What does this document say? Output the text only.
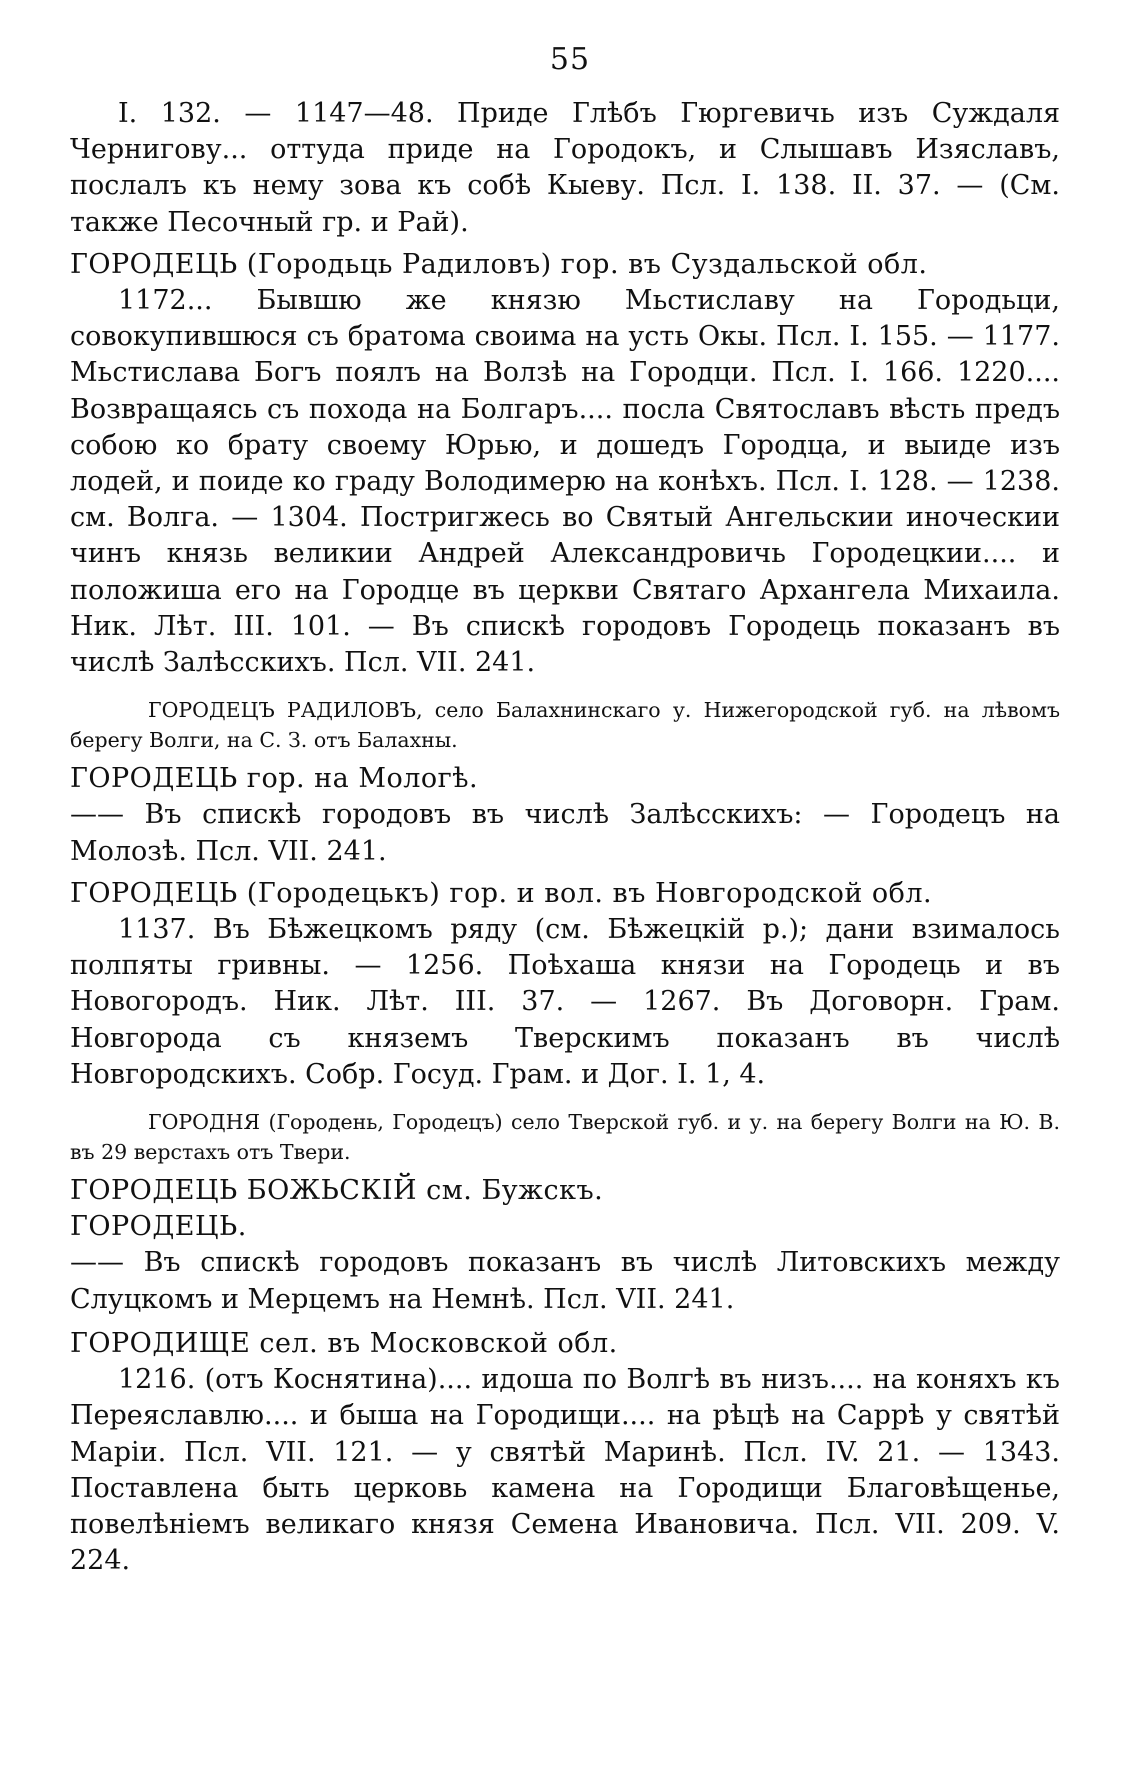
55

I. 132. — 1147—48. Приде Глѣбъ Гюргевичь изъ Суждаля Чернигову... оттуда приде на Городокъ, и Слышавъ Изяславъ, послалъ къ нему зова къ собѣ Кыеву. Псл. I. 138. II. 37. — (См. также Песочный гр. и Рай).

ГОРОДЕЦЬ (Городьць Радиловъ) гор. въ Суздальской обл.

1172... Бывшю же князю Мьстиславу на Городьци, совокупившюся съ братома своима на усть Окы. Псл. I. 155. — 1177. Мьстислава Богъ поялъ на Волзѣ на Городци. Псл. I. 166. 1220.... Возвращаясь съ похода на Болгаръ.... посла Святославъ вѣсть предъ собою ко брату своему Юрью, и дошедъ Городца, и выиде изъ лодей, и поиде ко граду Володимерю на конѣхъ. Псл. I. 128. — 1238. см. Волга. — 1304. Постригжесь во Святый Ангельскии иноческии чинъ князь великии Андрей Александровичь Городецкии.... и положиша его на Городце въ церкви Святаго Архангела Михаила. Ник. Лѣт. III. 101. — Въ спискѣ городовъ Городець показанъ въ числѣ Залѣсскихъ. Псл. VII. 241.

ГОРОДЕЦЪ РАДИЛОВЪ, село Балахнинскаго у. Нижегородской губ. на лѣвомъ берегу Волги, на С. З. отъ Балахны.

ГОРОДЕЦЬ гор. на Мологѣ.

—— Въ спискѣ городовъ въ числѣ Залѣсскихъ: — Городецъ на Молозѣ. Псл. VII. 241.

ГОРОДЕЦЬ (Городецькъ) гор. и вол. въ Новгородской обл.

1137. Въ Бѣжецкомъ ряду (см. Бѣжецкій р.); дани взималось полпяты гривны. — 1256. Поѣхаша князи на Городець и въ Новогородъ. Ник. Лѣт. III. 37. — 1267. Въ Договорн. Грам. Новгорода съ княземъ Тверскимъ показанъ въ числѣ Новгородскихъ. Собр. Госуд. Грам. и Дог. I. 1, 4.

ГОРОДНЯ (Городень, Городецъ) село Тверской губ. и у. на берегу Волги на Ю. В. въ 29 верстахъ отъ Твери.

ГОРОДЕЦЬ БОЖЬСКІЙ см. Бужскъ.

ГОРОДЕЦЬ.

—— Въ спискѣ городовъ показанъ въ числѣ Литовскихъ между Слуцкомъ и Мерцемъ на Немнѣ. Псл. VII. 241.

ГОРОДИЩЕ сел. въ Московской обл.

1216. (отъ Коснятина).... идоша по Волгѣ въ низъ.... на коняхъ къ Переяславлю.... и быша на Городищи.... на рѣцѣ на Саррѣ у святѣй Маріи. Псл. VII. 121. — у святѣй Маринѣ. Псл. IV. 21. — 1343. Поставлена быть церковь камена на Городищи Благовѣщенье, повелѣніемъ великаго князя Семена Ивановича. Псл. VII. 209. V. 224.
